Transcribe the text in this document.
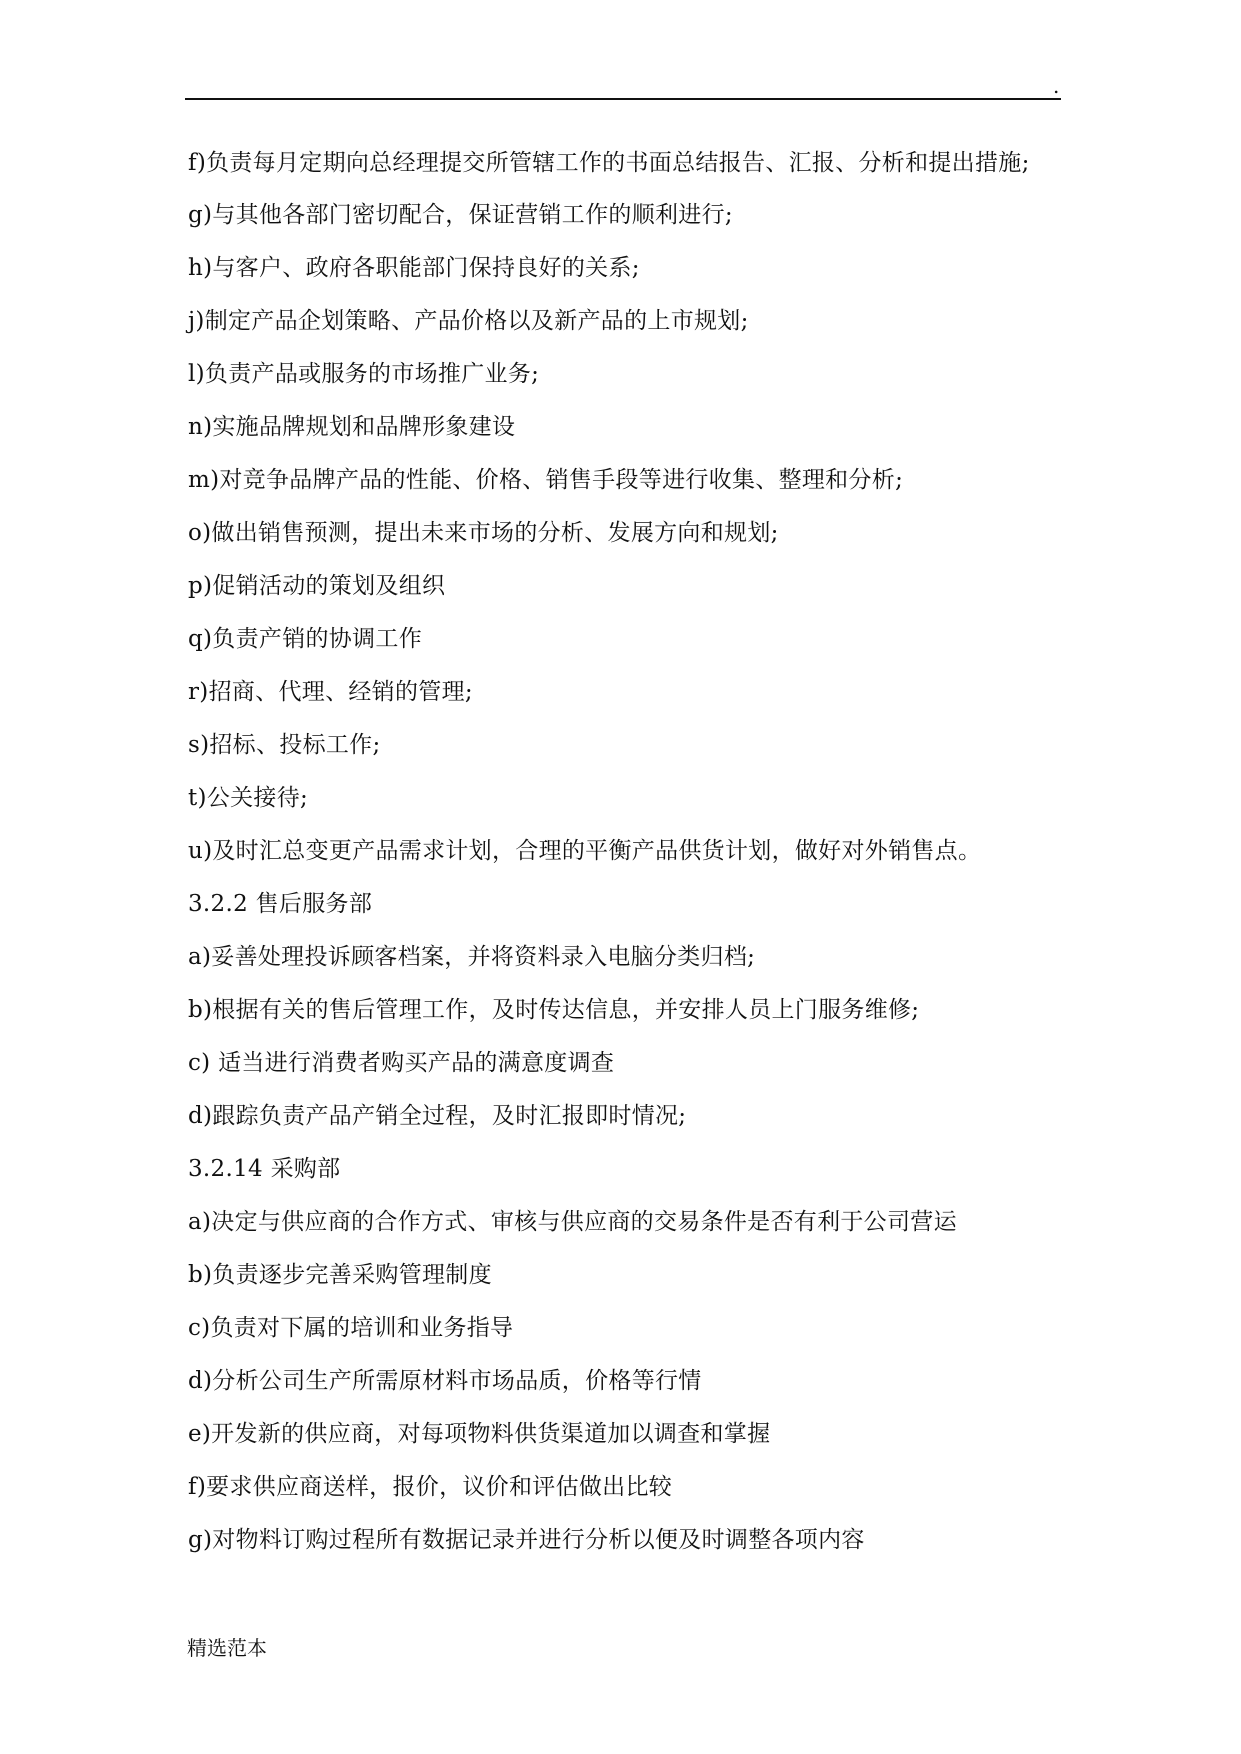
.

f)负责每月定期向总经理提交所管辖工作的书面总结报告、汇报、分析和提出措施;

g)与其他各部门密切配合，保证营销工作的顺利进行;

h)与客户、政府各职能部门保持良好的关系;

j)制定产品企划策略、产品价格以及新产品的上市规划;

l)负责产品或服务的市场推广业务;

n)实施品牌规划和品牌形象建设

m)对竞争品牌产品的性能、价格、销售手段等进行收集、整理和分析;

o)做出销售预测，提出未来市场的分析、发展方向和规划;

p)促销活动的策划及组织

q)负责产销的协调工作

r)招商、代理、经销的管理;

s)招标、投标工作;

t)公关接待;

u)及时汇总变更产品需求计划，合理的平衡产品供货计划，做好对外销售点。

3.2.2 售后服务部

a)妥善处理投诉顾客档案，并将资料录入电脑分类归档;

b)根据有关的售后管理工作，及时传达信息，并安排人员上门服务维修;

c) 适当进行消费者购买产品的满意度调查

d)跟踪负责产品产销全过程，及时汇报即时情况;

3.2.14 采购部

a)决定与供应商的合作方式、审核与供应商的交易条件是否有利于公司营运

b)负责逐步完善采购管理制度

c)负责对下属的培训和业务指导

d)分析公司生产所需原材料市场品质，价格等行情

e)开发新的供应商，对每项物料供货渠道加以调查和掌握

f)要求供应商送样，报价，议价和评估做出比较

g)对物料订购过程所有数据记录并进行分析以便及时调整各项内容

精选范本
